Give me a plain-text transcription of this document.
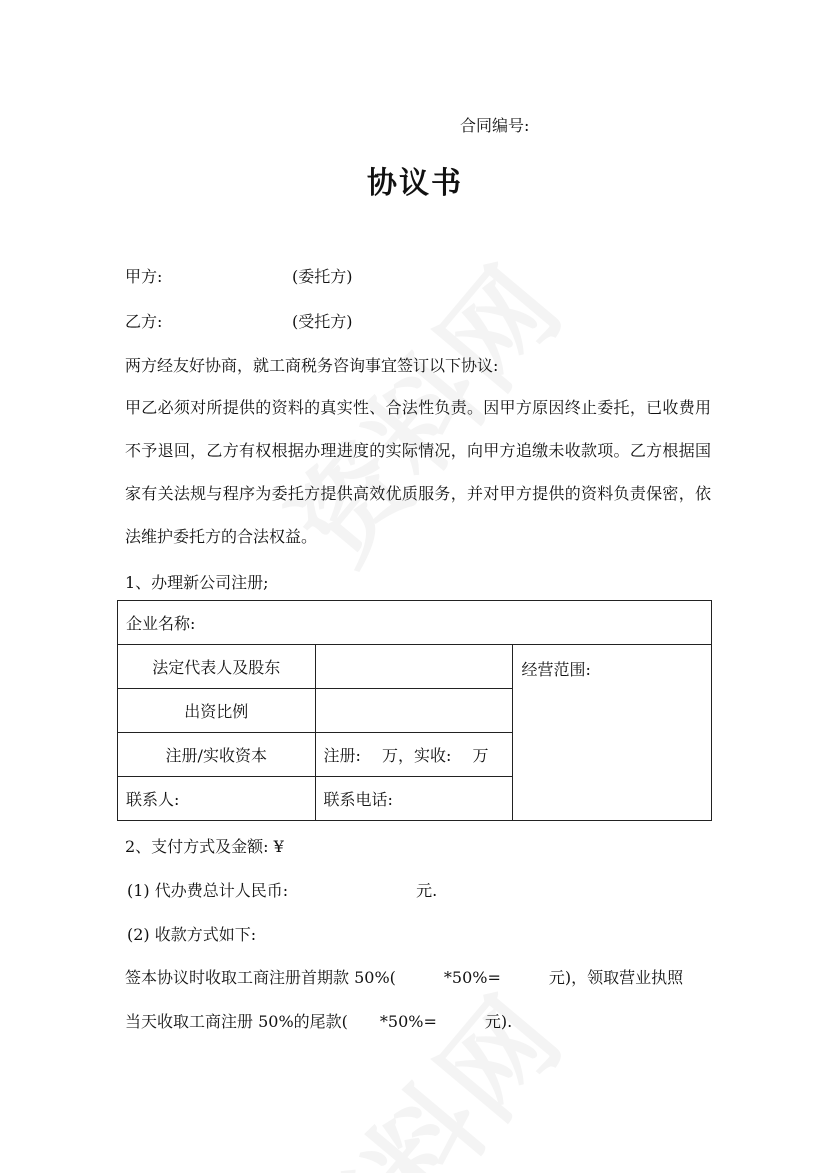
合同编号:
协议书
甲方:	(委托方)
乙方:	(受托方)
两方经友好协商，就工商税务咨询事宜签订以下协议:
甲乙必须对所提供的资料的真实性、合法性负责。因甲方原因终止委托，已收费用不予退回，乙方有权根据办理进度的实际情况，向甲方追缴未收款项。乙方根据国家有关法规与程序为委托方提供高效优质服务，并对甲方提供的资料负责保密，依法维护委托方的合法权益。
1、办理新公司注册;
企业名称:		
法定代表人及股东		经营范围:
出资比例		
注册/实收资本	注册:　 万，实收:　 万	
联系人:	联系电话:	
2、支付方式及金额: ¥
(1) 代办费总计人民币:　　　　　　　　元.
(2) 收款方式如下:
签本协议时收取工商注册首期款 50%(　　　*50%=　　　元)，领取营业执照
当天收取工商注册 50%的尾款(　　*50%=　　　元).
